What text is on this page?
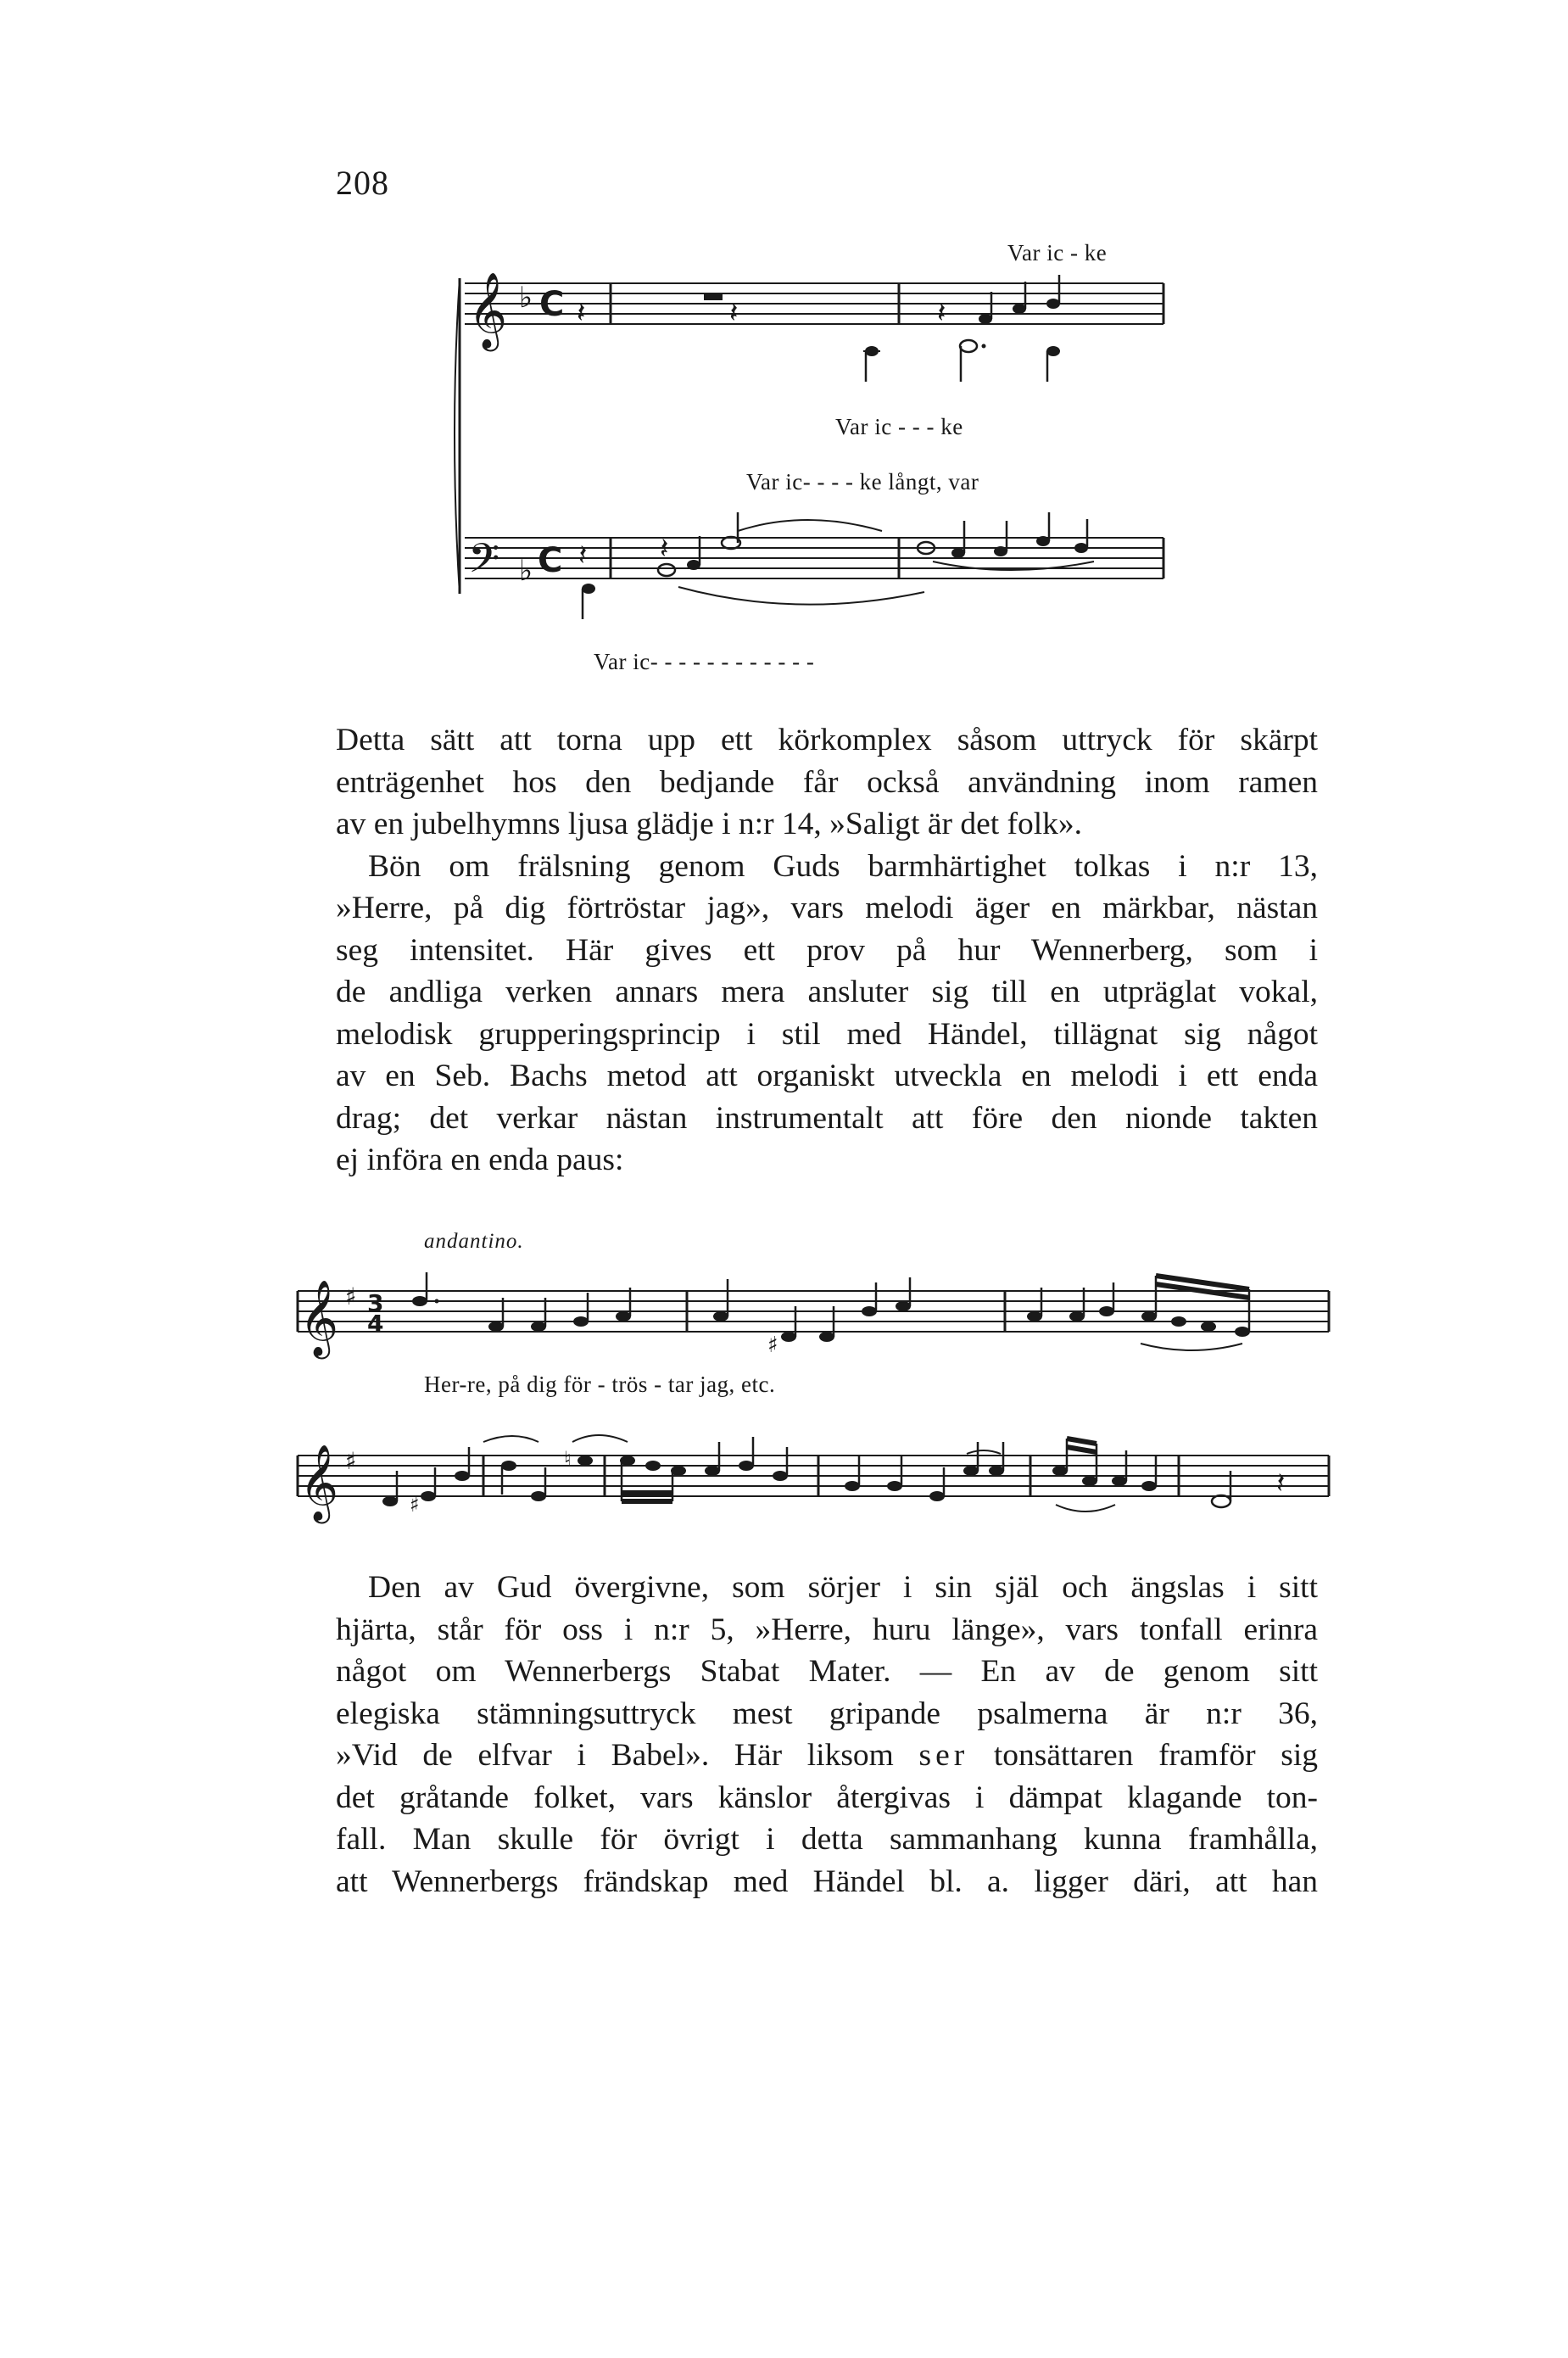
208
Var ic - ke
Var ic - - - ke
Var ic- - - - ke långt, var
Var ic- - - - - - - - - - - -
𝄞 ♭ C 𝄽	𝄽	𝄽
𝄢 ♭ C 𝄽	𝄽
Detta sätt att torna upp ett körkomplex såsom uttryck för skärpt
enträgenhet hos den bedjande får också användning inom ramen
av en jubelhymns ljusa glädje i n:r 14, »Saligt är det folk».
Bön om frälsning genom Guds barmhärtighet tolkas i n:r 13,
»Herre, på dig förtröstar jag», vars melodi äger en märkbar, nästan
seg intensitet. Här gives ett prov på hur Wennerberg, som i
de andliga verken annars mera ansluter sig till en utpräglat vokal,
melodisk grupperingsprincip i stil med Händel, tillägnat sig något
av en Seb. Bachs metod att organiskt utveckla en melodi i ett enda
drag; det verkar nästan instrumentalt att före den nionde takten
ej införa en enda paus:
andantino.
Her-re, på dig för - trös - tar jag, etc.
𝄞 ♯ 3
4
♯
𝄞 ♯
♯
♮
𝄽
Den av Gud övergivne, som sörjer i sin själ och ängslas i sitt
hjärta, står för oss i n:r 5, »Herre, huru länge», vars tonfall erinra
något om Wennerbergs Stabat Mater. — En av de genom sitt
elegiska stämningsuttryck mest gripande psalmerna är n:r 36,
»Vid de elfvar i Babel». Här liksom ser tonsättaren framför sig
det gråtande folket, vars känslor återgivas i dämpat klagande ton-
fall. Man skulle för övrigt i detta sammanhang kunna framhålla,
att Wennerbergs frändskap med Händel bl. a. ligger däri, att han
